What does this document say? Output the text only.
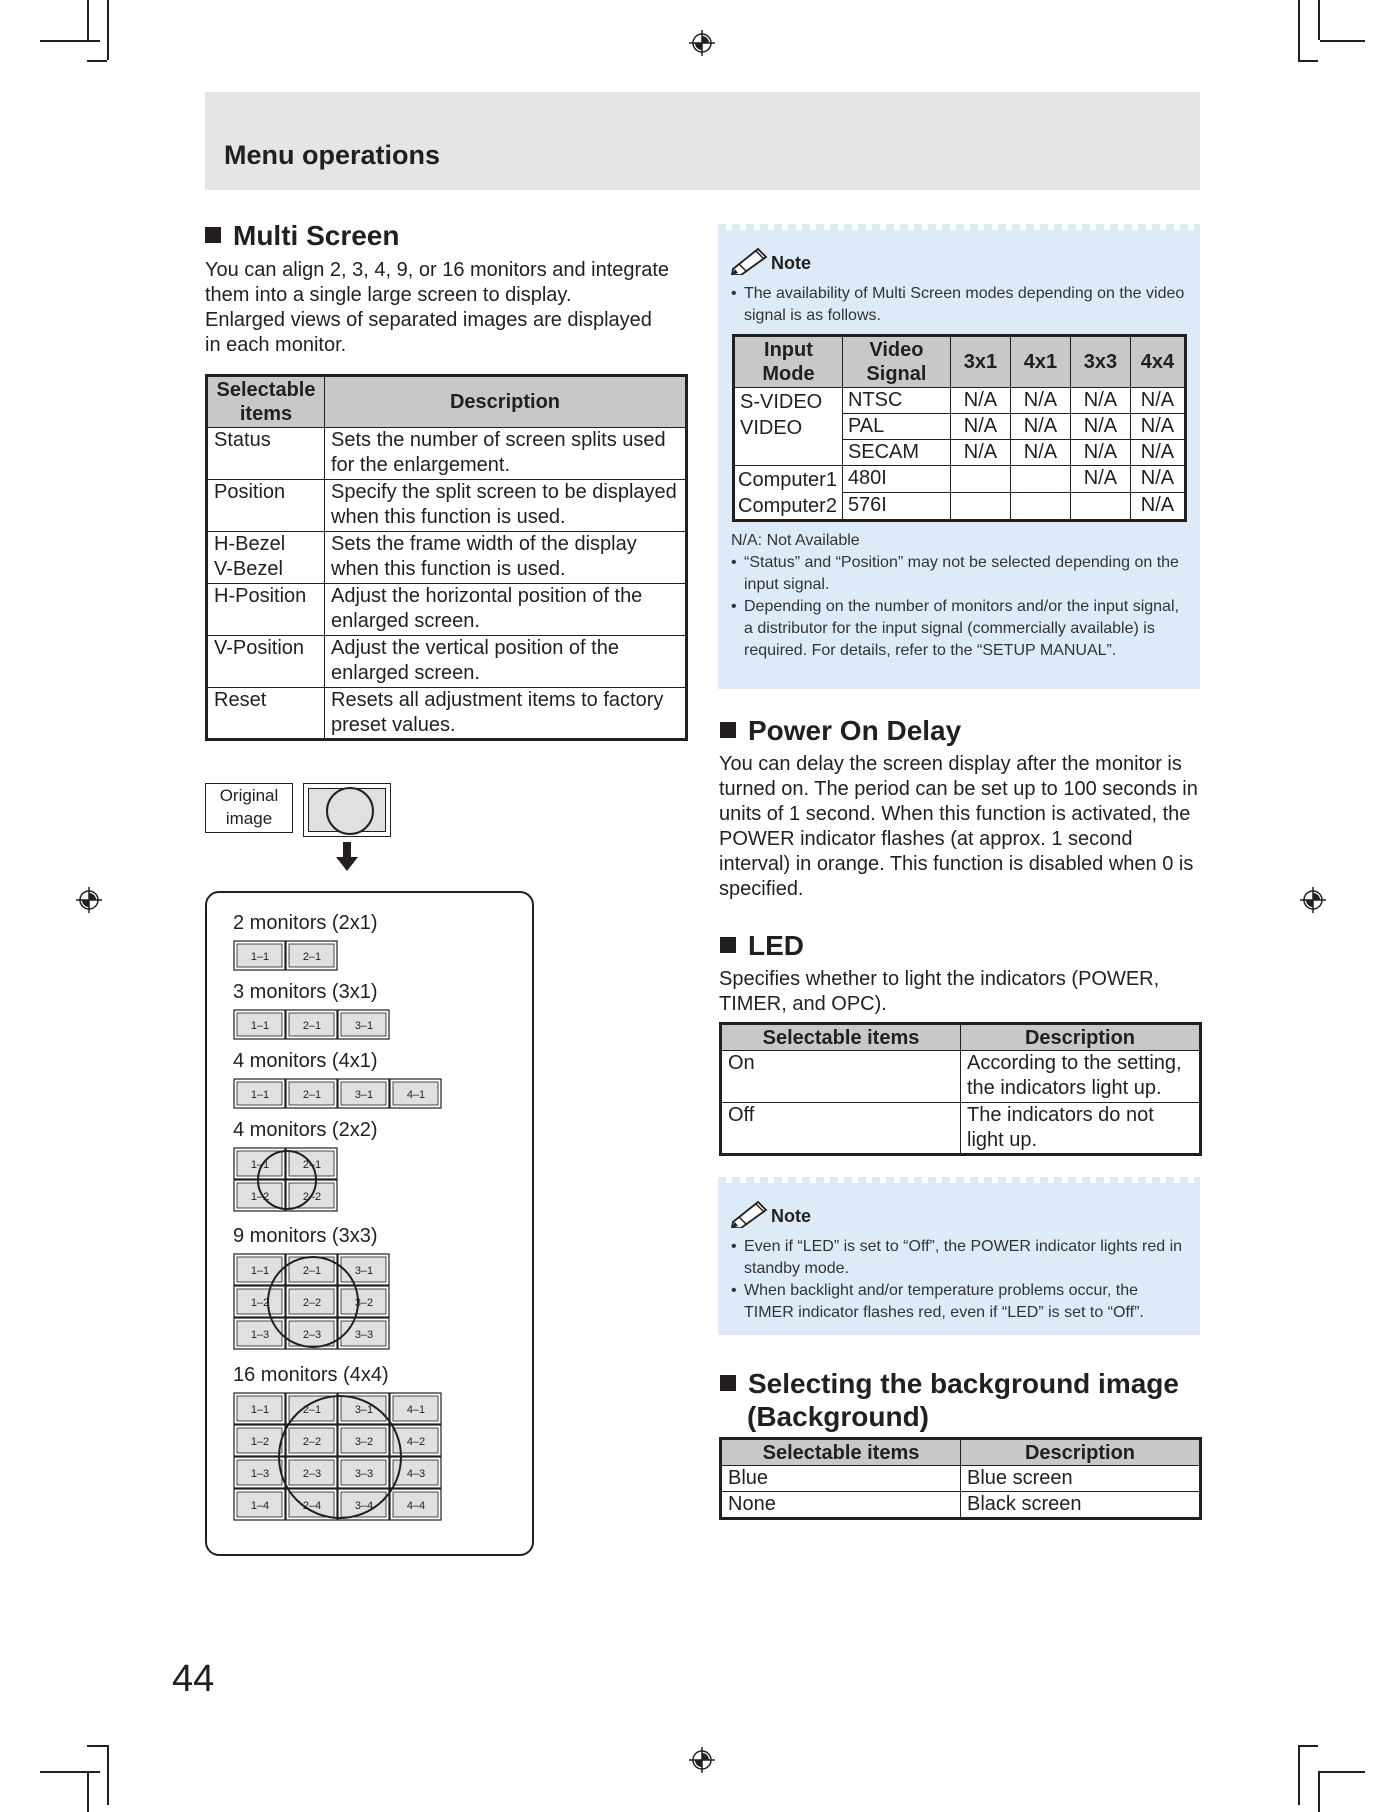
Menu operations
Multi Screen
You can align 2, 3, 4, 9, or 16 monitors and integrate
them into a single large screen to display.
Enlarged views of separated images are displayed
in each monitor.
Selectable items	Description
Status	Sets the number of screen splits used for the enlargement.
Position	Specify the split screen to be displayed when this function is used.
H-Bezel V-Bezel	Sets the frame width of the display when this function is used.
H-Position	Adjust the horizontal position of the enlarged screen.
V-Position	Adjust the vertical position of the enlarged screen.
Reset	Resets all adjustment items to factory preset values.
Original image
2 monitors (2x1)
1–1	2–1
3 monitors (3x1)
1–1	2–1	3–1
4 monitors (4x1)
1–1	2–1	3–1	4–1
4 monitors (2x2)
1–1	2–1
1–2	2–2
9 monitors (3x3)
1–1	2–1	3–1
1–2	2–2	3–2
1–3	2–3	3–3
16 monitors (4x4)
1–1	2–1	3–1	4–1
1–2	2–2	3–2	4–2
1–3	2–3	3–3	4–3
1–4	2–4	3–4	4–4
Note
• The availability of Multi Screen modes depending on the video signal is as follows.
Input Mode	Video Signal	3x1	4x1	3x3	4x4
S-VIDEO VIDEO	NTSC	N/A	N/A	N/A	N/A
	PAL	N/A	N/A	N/A	N/A
	SECAM	N/A	N/A	N/A	N/A
Computer1 Computer2	480I			N/A	N/A
	576I				N/A
N/A: Not Available
• “Status” and “Position” may not be selected depending on the input signal.
• Depending on the number of monitors and/or the input signal, a distributor for the input signal (commercially available) is required. For details, refer to the “SETUP MANUAL”.
Power On Delay
You can delay the screen display after the monitor is turned on. The period can be set up to 100 seconds in units of 1 second. When this function is activated, the POWER indicator flashes (at approx. 1 second interval) in orange. This function is disabled when 0 is specified.
LED
Specifies whether to light the indicators (POWER, TIMER, and OPC).
Selectable items	Description
On	According to the setting, the indicators light up.
Off	The indicators do not light up.
Note
• Even if “LED” is set to “Off”, the POWER indicator lights red in standby mode.
• When backlight and/or temperature problems occur, the TIMER indicator flashes red, even if “LED” is set to “Off”.
Selecting the background image
(Background)
Selectable items	Description
Blue	Blue screen
None	Black screen
44
